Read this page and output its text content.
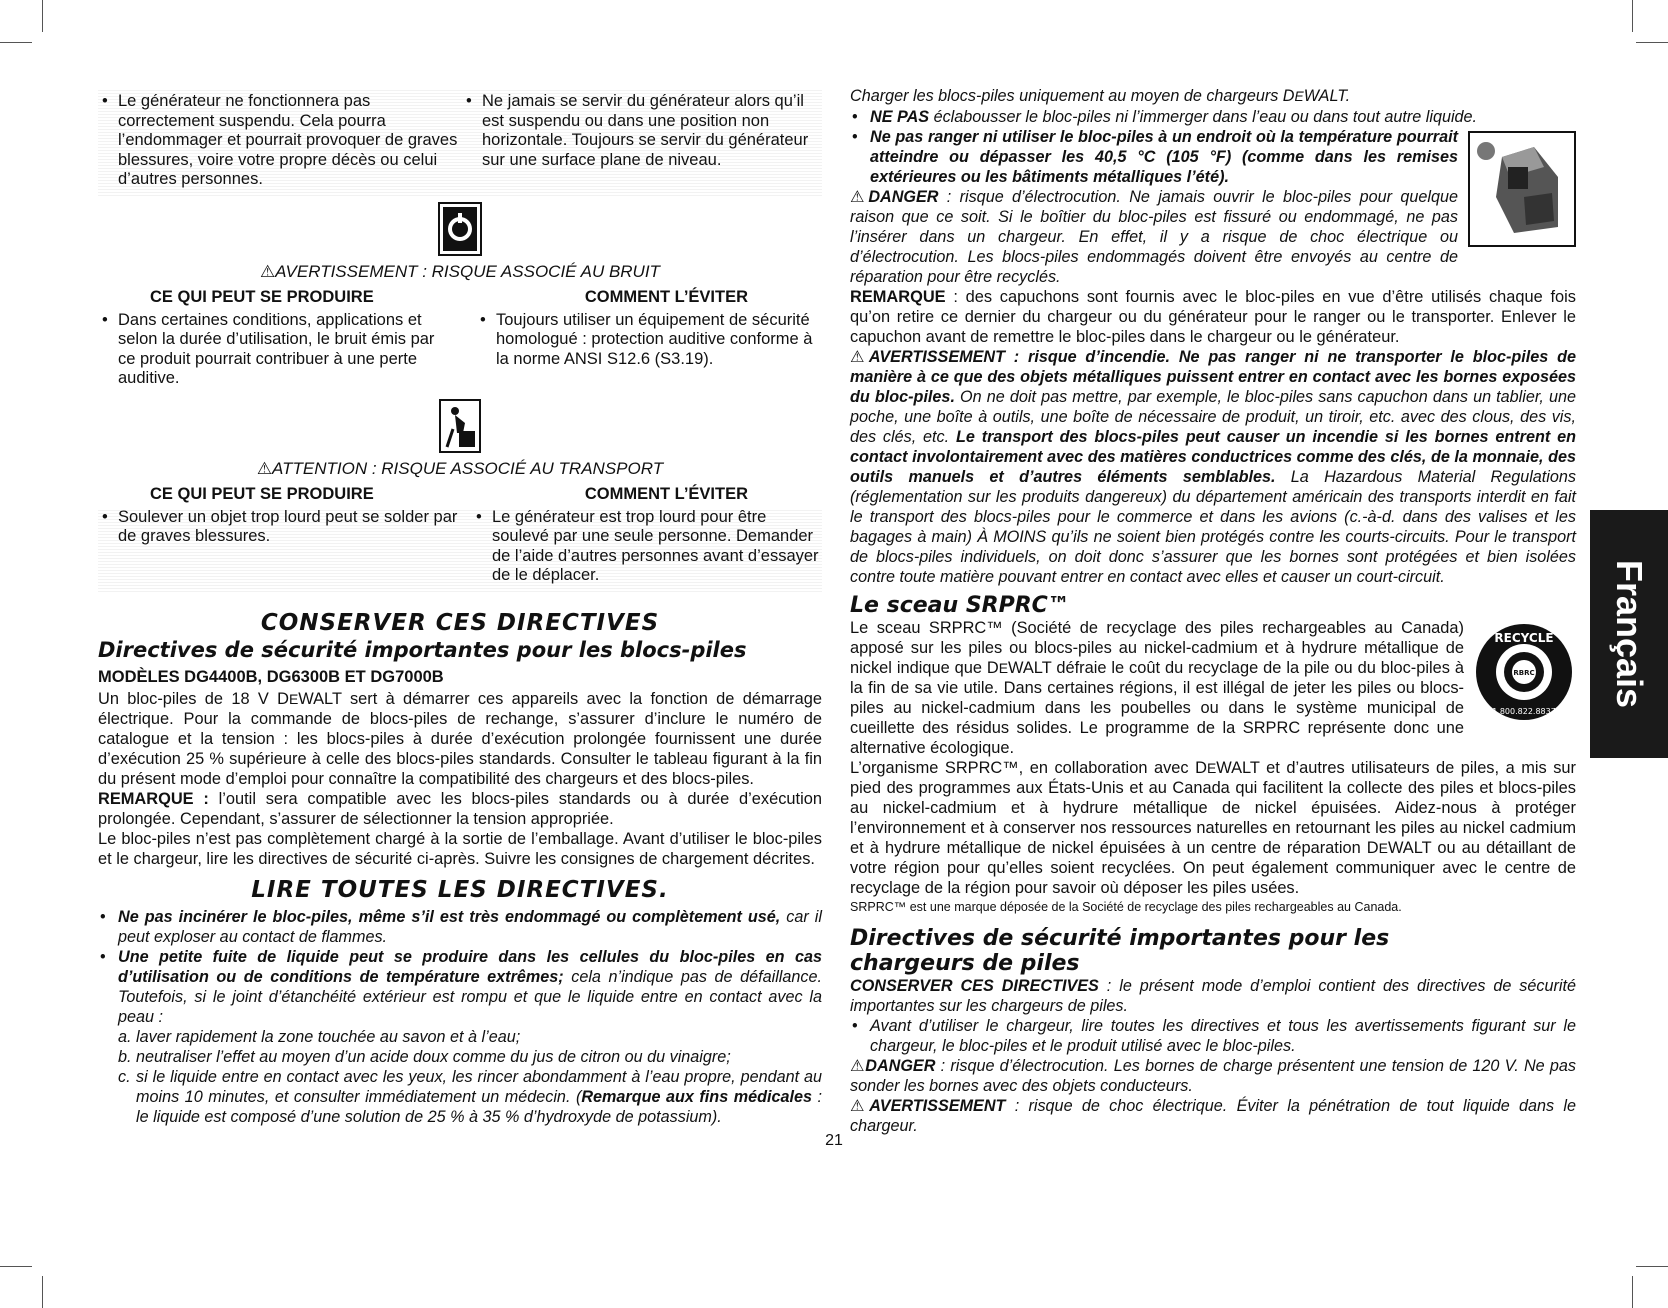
• Le générateur ne fonctionnera pas correctement suspendu. Cela pourra l’endommager et pourrait provoquer de graves blessures, voire votre propre décès ou celui d’autres personnes.

• Ne jamais se servir du générateur alors qu’il est suspendu ou dans une position non horizontale. Toujours se servir du générateur sur une surface plane de niveau.

⚠AVERTISSEMENT : RISQUE ASSOCIÉ AU BRUIT

CE QUI PEUT SE PRODUIRE	COMMENT L’ÉVITER

• Dans certaines conditions, applications et selon la durée d’utilisation, le bruit émis par ce produit pourrait contribuer à une perte auditive.

• Toujours utiliser un équipement de sécurité homologué : protection auditive conforme à la norme ANSI S12.6 (S3.19).

⚠ATTENTION : RISQUE ASSOCIÉ AU TRANSPORT

CE QUI PEUT SE PRODUIRE	COMMENT L’ÉVITER

• Soulever un objet trop lourd peut se solder par de graves blessures.

• Le générateur est trop lourd pour être soulevé par une seule personne. Demander de l’aide d’autres personnes avant d’essayer de le déplacer.

CONSERVER CES DIRECTIVES

Directives de sécurité importantes pour les blocs-piles

MODÈLES DG4400B, DG6300B ET DG7000B

Un bloc-piles de 18 V DEWALT sert à démarrer ces appareils avec la fonction de démarrage électrique. Pour la commande de blocs-piles de rechange, s’assurer d’inclure le numéro de catalogue et la tension : les blocs-piles à durée d’exécution prolongée fournissent une durée d’exécution 25 % supérieure à celle des blocs-piles standards. Consulter le tableau figurant à la fin du présent mode d’emploi pour connaître la compatibilité des chargeurs et des blocs-piles.

REMARQUE : l’outil sera compatible avec les blocs-piles standards ou à durée d’exécution prolongée. Cependant, s’assurer de sélectionner la tension appropriée.

Le bloc-piles n’est pas complètement chargé à la sortie de l’emballage. Avant d’utiliser le bloc-piles et le chargeur, lire les directives de sécurité ci-après. Suivre les consignes de chargement décrites.

LIRE TOUTES LES DIRECTIVES.

• Ne pas incinérer le bloc-piles, même s’il est très endommagé ou complètement usé, car il peut exploser au contact de flammes.

• Une petite fuite de liquide peut se produire dans les cellules du bloc-piles en cas d’utilisation ou de conditions de température extrêmes; cela n’indique pas de défaillance. Toutefois, si le joint d’étanchéité extérieur est rompu et que le liquide entre en contact avec la peau :

a. laver rapidement la zone touchée au savon et à l’eau;

b. neutraliser l’effet au moyen d’un acide doux comme du jus de citron ou du vinaigre;

c. si le liquide entre en contact avec les yeux, les rincer abondamment à l’eau propre, pendant au moins 10 minutes, et consulter immédiatement un médecin. (Remarque aux fins médicales : le liquide est composé d’une solution de 25 % à 35 % d’hydroxyde de potassium).

Charger les blocs-piles uniquement au moyen de chargeurs DEWALT.

• NE PAS éclabousser le bloc-piles ni l’immerger dans l’eau ou dans tout autre liquide.

• Ne pas ranger ni utiliser le bloc-piles à un endroit où la température pourrait atteindre ou dépasser les 40,5 °C (105 °F) (comme dans les remises extérieures ou les bâtiments métalliques l’été).

⚠DANGER : risque d’électrocution. Ne jamais ouvrir le bloc-piles pour quelque raison que ce soit. Si le boîtier du bloc-piles est fissuré ou endommagé, ne pas l’insérer dans un chargeur. En effet, il y a risque de choc électrique ou d’électrocution. Les blocs-piles endommagés doivent être envoyés au centre de réparation pour être recyclés.

REMARQUE : des capuchons sont fournis avec le bloc-piles en vue d’être utilisés chaque fois qu’on retire ce dernier du chargeur ou du générateur pour le ranger ou le transporter. Enlever le capuchon avant de remettre le bloc-piles dans le chargeur ou le générateur.

⚠AVERTISSEMENT : risque d’incendie. Ne pas ranger ni ne transporter le bloc-piles de manière à ce que des objets métalliques puissent entrer en contact avec les bornes exposées du bloc-piles. On ne doit pas mettre, par exemple, le bloc-piles sans capuchon dans un tablier, une poche, une boîte à outils, une boîte de nécessaire de produit, un tiroir, etc. avec des clous, des vis, des clés, etc. Le transport des blocs-piles peut causer un incendie si les bornes entrent en contact involontairement avec des matières conductrices comme des clés, de la monnaie, des outils manuels et d’autres éléments semblables. La Hazardous Material Regulations (réglementation sur les produits dangereux) du département américain des transports interdit en fait le transport des blocs-piles pour le commerce et dans les avions (c.-à-d. dans des valises et les bagages à main) À MOINS qu’ils ne soient bien protégés contre les courts-circuits. Pour le transport de blocs-piles individuels, on doit donc s’assurer que les bornes sont protégées et bien isolées contre toute matière pouvant entrer en contact avec elles et causer un court-circuit.

Le sceau SRPRC™

RECYCLE
RBRC
1.800.822.8837

Le sceau SRPRC™ (Société de recyclage des piles rechargeables au Canada) apposé sur les piles ou blocs-piles au nickel-cadmium et à hydrure métallique de nickel indique que DEWALT défraie le coût du recyclage de la pile ou du bloc-piles à la fin de sa vie utile. Dans certaines régions, il est illégal de jeter les piles ou blocs-piles au nickel-cadmium dans les poubelles ou dans le système municipal de cueillette des résidus solides. Le programme de la SRPRC représente donc une alternative écologique.

L’organisme SRPRC™, en collaboration avec DEWALT et d’autres utilisateurs de piles, a mis sur pied des programmes aux États-Unis et au Canada qui facilitent la collecte des piles et blocs-piles au nickel-cadmium et à hydrure métallique de nickel épuisées. Aidez-nous à protéger l’environnement et à conserver nos ressources naturelles en retournant les piles au nickel cadmium et à hydrure métallique de nickel épuisées à un centre de réparation DEWALT ou au détaillant de votre région pour qu’elles soient recyclées. On peut également communiquer avec le centre de recyclage de la région pour savoir où déposer les piles usées.

SRPRC™ est une marque déposée de la Société de recyclage des piles rechargeables au Canada.

Directives de sécurité importantes pour les chargeurs de piles

CONSERVER CES DIRECTIVES : le présent mode d’emploi contient des directives de sécurité importantes sur les chargeurs de piles.

• Avant d’utiliser le chargeur, lire toutes les directives et tous les avertissements figurant sur le chargeur, le bloc-piles et le produit utilisé avec le bloc-piles.

⚠DANGER : risque d’électrocution. Les bornes de charge présentent une tension de 120 V. Ne pas sonder les bornes avec des objets conducteurs.

⚠AVERTISSEMENT : risque de choc électrique. Éviter la pénétration de tout liquide dans le chargeur.

Français
21
